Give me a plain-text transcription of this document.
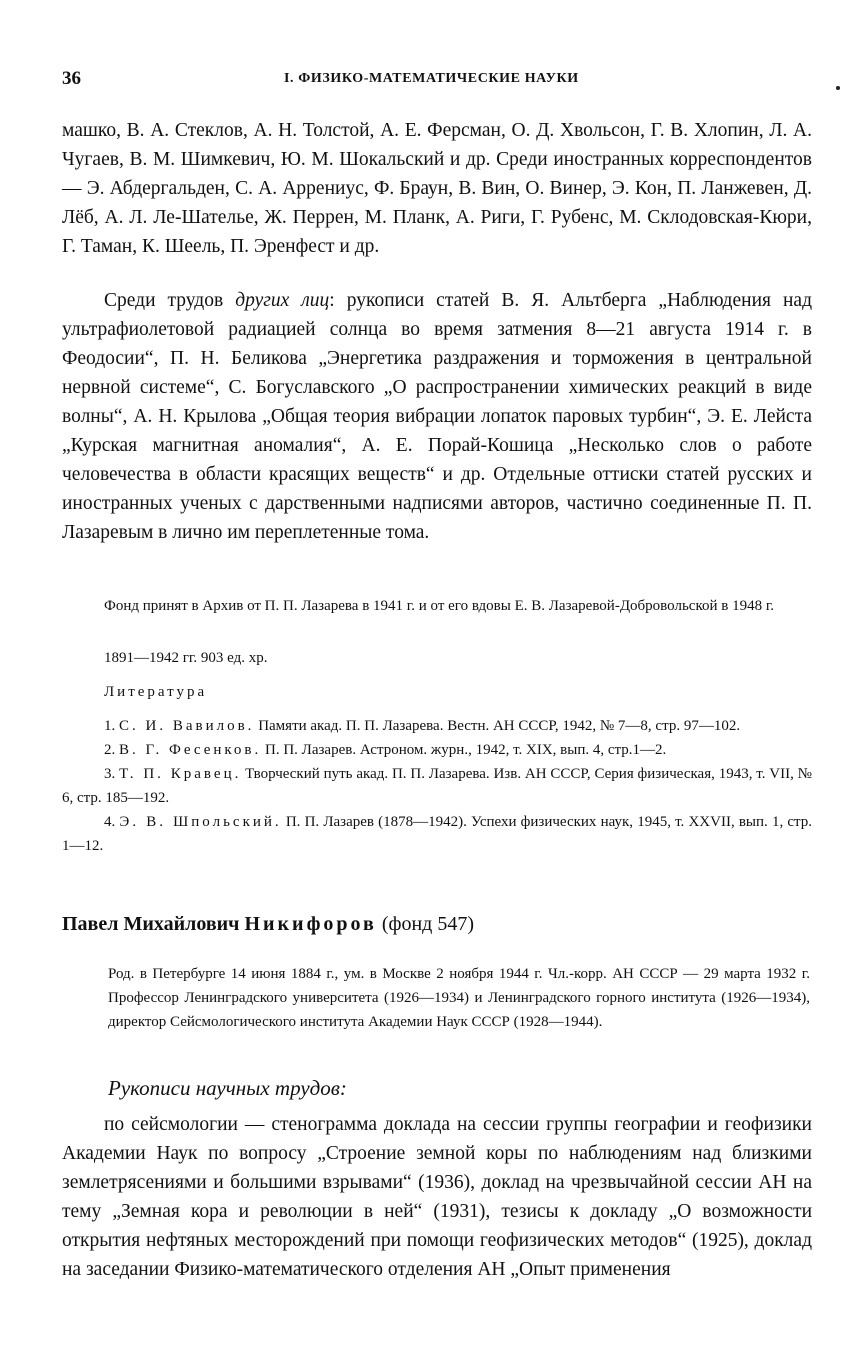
36	I. ФИЗИКО-МАТЕМАТИЧЕСКИЕ НАУКИ

машко, В. А. Стеклов, А. Н. Толстой, А. Е. Ферсман, О. Д. Хвольсон, Г. В. Хлопин, Л. А. Чугаев, В. М. Шимкевич, Ю. М. Шокальский и др. Среди иностранных корреспондентов — Э. Абдергальден, С. А. Аррениус, Ф. Браун, В. Вин, О. Винер, Э. Кон, П. Ланжевен, Д. Лёб, А. Л. Ле-Шателье, Ж. Перрен, М. Планк, А. Риги, Г. Рубенс, М. Склодовская-Кюри, Г. Таман, К. Шеель, П. Эренфест и др.

Среди трудов других лиц: рукописи статей В. Я. Альтберга „Наблюдения над ультрафиолетовой радиацией солнца во время затмения 8—21 августа 1914 г. в Феодосии“, П. Н. Беликова „Энергетика раздражения и торможения в центральной нервной системе“, С. Богуславского „О распространении химических реакций в виде волны“, А. Н. Крылова „Общая теория вибрации лопаток паровых турбин“, Э. Е. Лейста „Курская магнитная аномалия“, А. Е. Порай-Кошица „Несколько слов о работе человечества в области красящих веществ“ и др. Отдельные оттиски статей русских и иностранных ученых с дарственными надписями авторов, частично соединенные П. П. Лазаревым в лично им переплетенные тома.

Фонд принят в Архив от П. П. Лазарева в 1941 г. и от его вдовы Е. В. Лазаревой-Добровольской в 1948 г.

1891—1942 гг. 903 ед. хр.

Литература

1. С. И. Вавилов. Памяти акад. П. П. Лазарева. Вестн. АН СССР, 1942, № 7—8, стр. 97—102.
2. В. Г. Фесенков. П. П. Лазарев. Астроном. журн., 1942, т. XIX, вып. 4, стр.1—2.
3. Т. П. Кравец. Творческий путь акад. П. П. Лазарева. Изв. АН СССР, Серия физическая, 1943, т. VII, № 6, стр. 185—192.
4. Э. В. Шпольский. П. П. Лазарев (1878—1942). Успехи физических наук, 1945, т. XXVII, вып. 1, стр. 1—12.
Павел Михайлович Никифоров (фонд 547)

Род. в Петербурге 14 июня 1884 г., ум. в Москве 2 ноября 1944 г. Чл.-корр. АН СССР — 29 марта 1932 г. Профессор Ленинградского университета (1926—1934) и Ленинградского горного института (1926—1934), директор Сейсмологического института Академии Наук СССР (1928—1944).

Рукописи научных трудов:

по сейсмологии — стенограмма доклада на сессии группы географии и геофизики Академии Наук по вопросу „Строение земной коры по наблюдениям над близкими землетрясениями и большими взрывами“ (1936), доклад на чрезвычайной сессии АН на тему „Земная кора и революции в ней“ (1931), тезисы к докладу „О возможности открытия нефтяных месторождений при помощи геофизических методов“ (1925), доклад на заседании Физико-математического отделения АН „Опыт применения
